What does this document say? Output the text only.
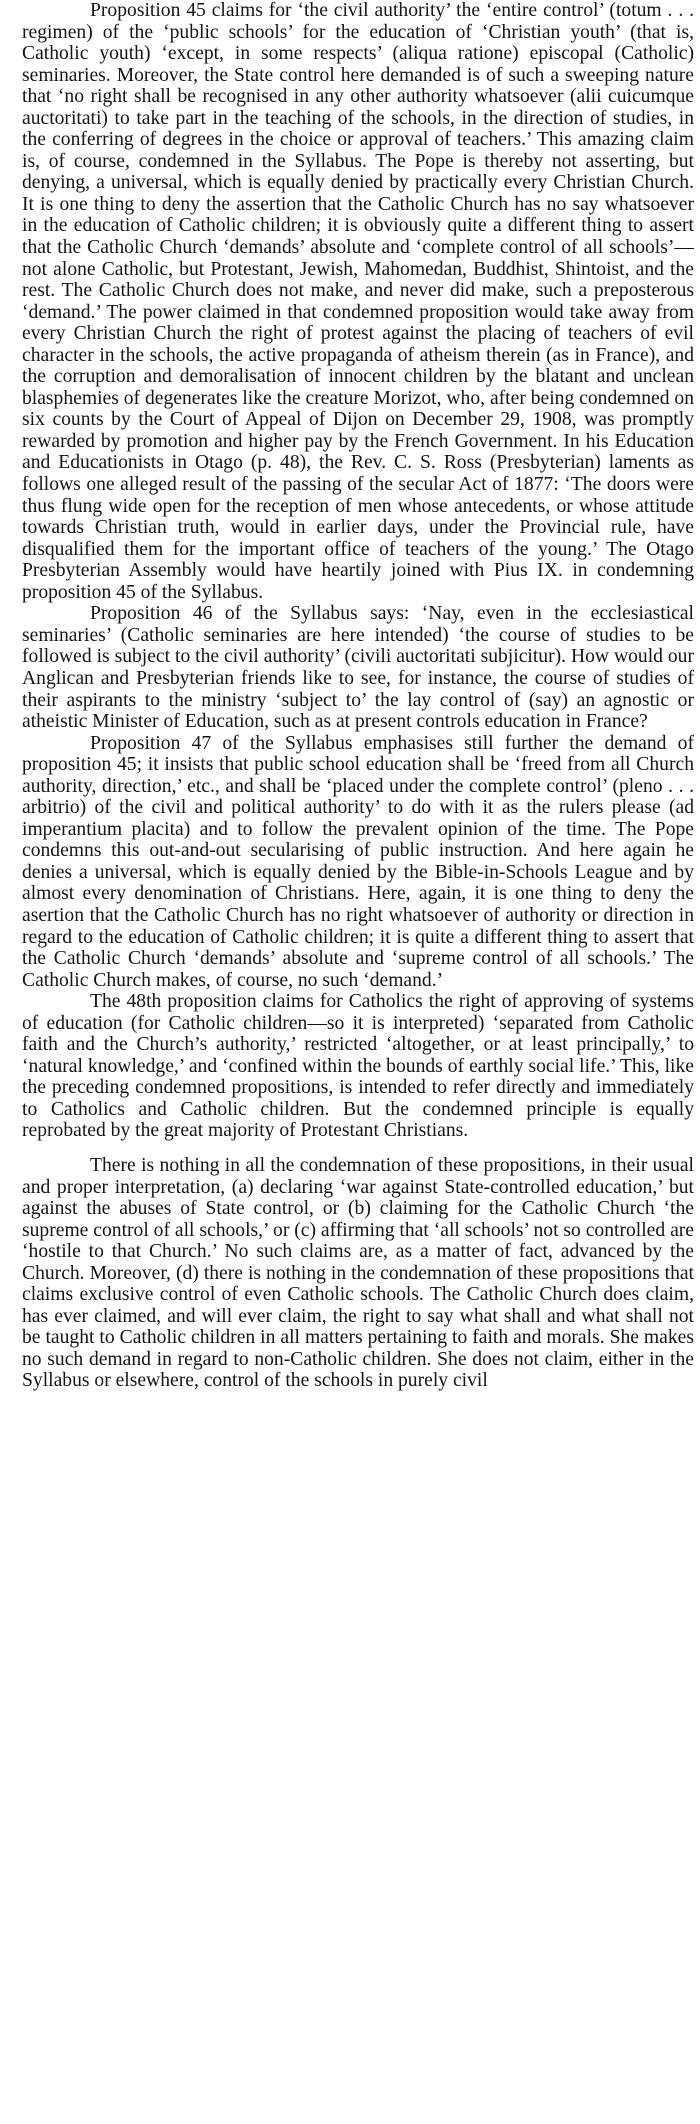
Proposition 45 claims for ‘the civil authority’ the ‘entire control’ (totum . . . regimen) of the ‘public schools’ for the education of ‘Christian youth’ (that is, Catholic youth) ‘except, in some respects’ (aliqua ratione) episcopal (Catholic) seminaries. Moreover, the State control here demanded is of such a sweeping nature that ‘no right shall be recognised in any other authority whatsoever (alii cuicumque auctoritati) to take part in the teaching of the schools, in the direction of studies, in the conferring of degrees in the choice or approval of teachers.’ This amazing claim is, of course, condemned in the Syllabus. The Pope is thereby not asserting, but denying, a universal, which is equally denied by practically every Christian Church. It is one thing to deny the assertion that the Catholic Church has no say whatsoever in the education of Catholic children; it is obviously quite a different thing to assert that the Catholic Church ‘demands’ absolute and ‘complete control of all schools’—not alone Catholic, but Protestant, Jewish, Mahomedan, Buddhist, Shintoist, and the rest. The Catholic Church does not make, and never did make, such a preposterous ‘demand.’ The power claimed in that condemned proposition would take away from every Christian Church the right of protest against the placing of teachers of evil character in the schools, the active propaganda of atheism therein (as in France), and the corruption and demoralisation of innocent children by the blatant and unclean blasphemies of degenerates like the creature Morizot, who, after being condemned on six counts by the Court of Appeal of Dijon on December 29, 1908, was promptly rewarded by promotion and higher pay by the French Government. In his Education and Educationists in Otago (p. 48), the Rev. C. S. Ross (Presbyterian) laments as follows one alleged result of the passing of the secular Act of 1877: ‘The doors were thus flung wide open for the reception of men whose antecedents, or whose attitude towards Christian truth, would in earlier days, under the Provincial rule, have disqualified them for the important office of teachers of the young.’ The Otago Presbyterian Assembly would have heartily joined with Pius IX. in condemning proposition 45 of the Syllabus.

Proposition 46 of the Syllabus says: ‘Nay, even in the ecclesiastical seminaries’ (Catholic seminaries are here intended) ‘the course of studies to be followed is subject to the civil authority’ (civili auctoritati subjicitur). How would our Anglican and Presbyterian friends like to see, for instance, the course of studies of their aspirants to the ministry ‘subject to’ the lay control of (say) an agnostic or atheistic Minister of Education, such as at present controls education in France?

Proposition 47 of the Syllabus emphasises still further the demand of proposition 45; it insists that public school education shall be ‘freed from all Church authority, direction,’ etc., and shall be ‘placed under the complete control’ (pleno . . . arbitrio) of the civil and political authority’ to do with it as the rulers please (ad imperantium placita) and to follow the prevalent opinion of the time. The Pope condemns this out-and-out secularising of public instruction. And here again he denies a universal, which is equally denied by the Bible-in-Schools League and by almost every denomination of Christians. Here, again, it is one thing to deny the asertion that the Catholic Church has no right whatsoever of authority or direction in regard to the education of Catholic children; it is quite a different thing to assert that the Catholic Church ‘demands’ absolute and ‘supreme control of all schools.’ The Catholic Church makes, of course, no such ‘demand.’

The 48th proposition claims for Catholics the right of approving of systems of education (for Catholic children—so it is interpreted) ‘separated from Catholic faith and the Church’s authority,’ restricted ‘altogether, or at least principally,’ to ‘natural knowledge,’ and ‘confined within the bounds of earthly social life.’ This, like the preceding condemned propositions, is intended to refer directly and immediately to Catholics and Catholic children. But the condemned principle is equally reprobated by the great majority of Protestant Christians.

There is nothing in all the condemnation of these propositions, in their usual and proper interpretation, (a) declaring ‘war against State-controlled education,’ but against the abuses of State control, or (b) claiming for the Catholic Church ‘the supreme control of all schools,’ or (c) affirming that ‘all schools’ not so controlled are ‘hostile to that Church.’ No such claims are, as a matter of fact, advanced by the Church. Moreover, (d) there is nothing in the condemnation of these propositions that claims exclusive control of even Catholic schools. The Catholic Church does claim, has ever claimed, and will ever claim, the right to say what shall and what shall not be taught to Catholic children in all matters pertaining to faith and morals. She makes no such demand in regard to non-Catholic children. She does not claim, either in the Syllabus or elsewhere, control of the schools in purely civil
